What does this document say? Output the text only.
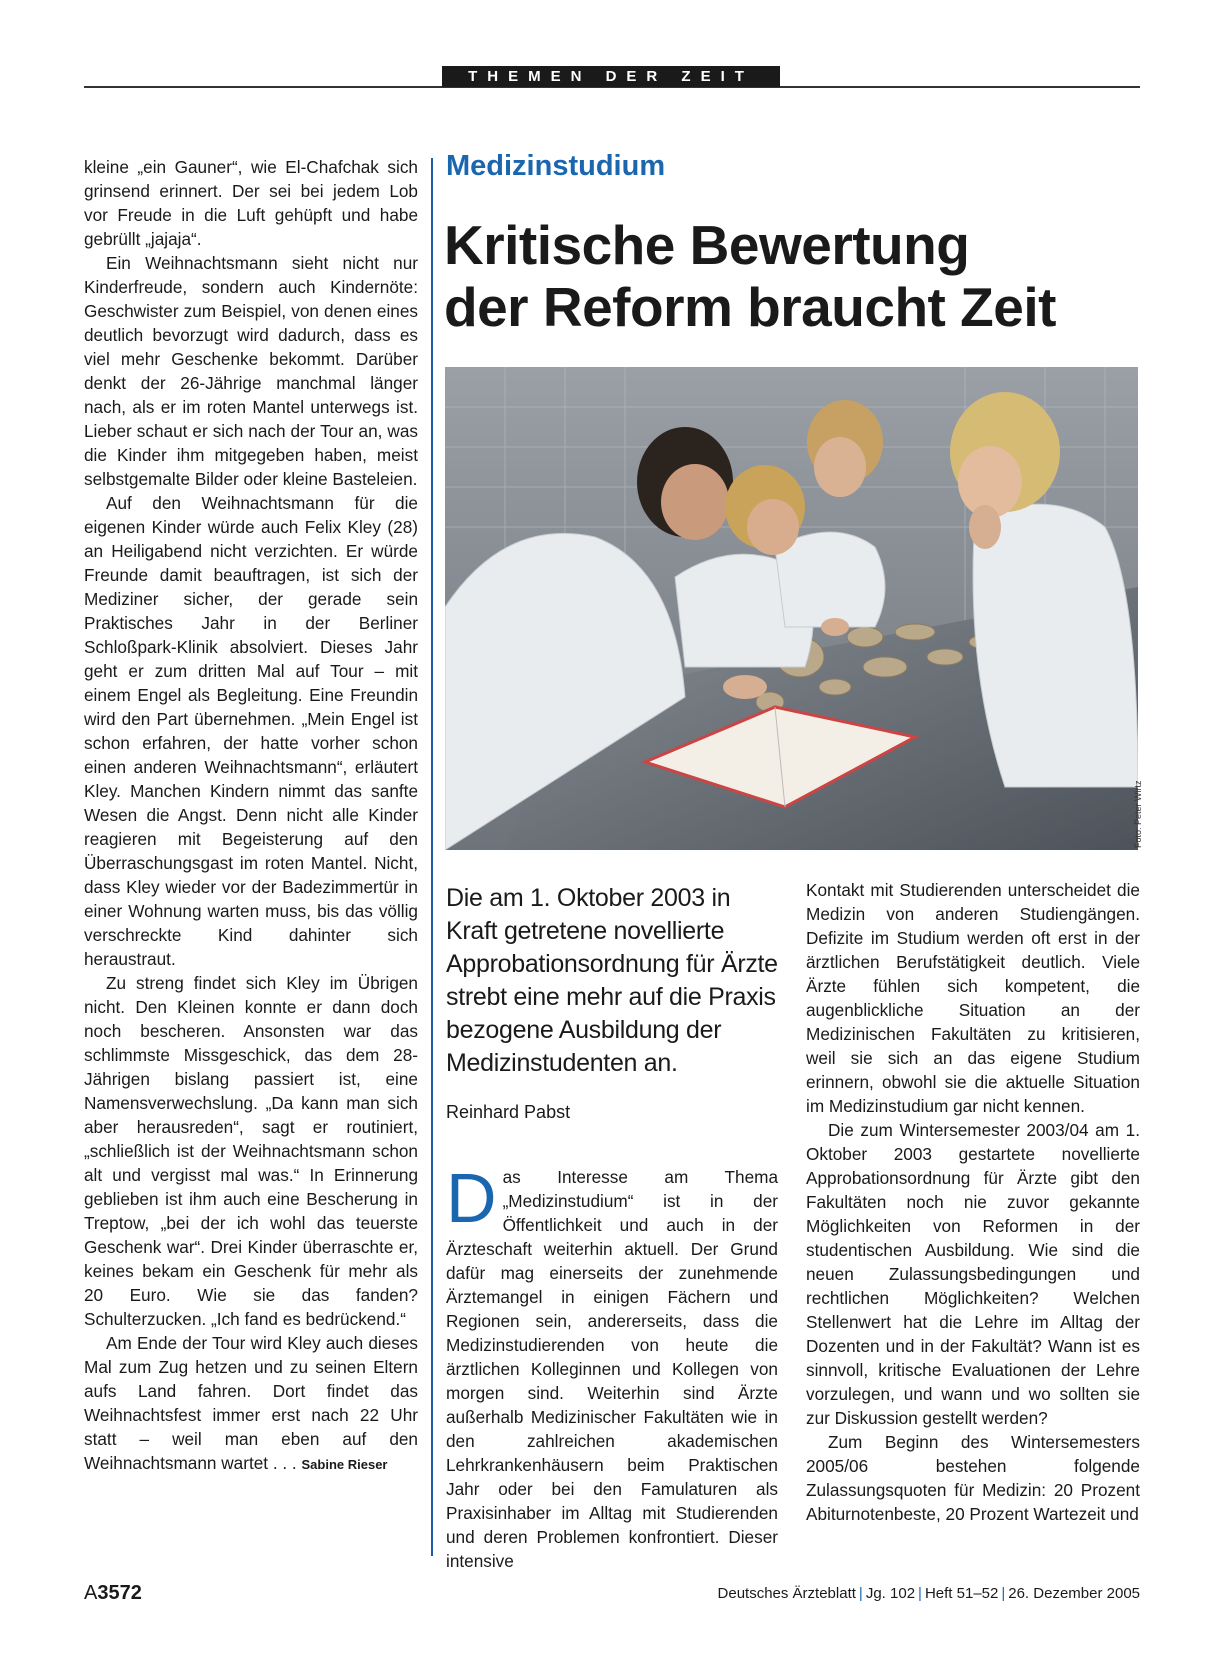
THEMEN DER ZEIT

kleine „ein Gauner“, wie El-Chafchak sich grinsend erinnert. Der sei bei jedem Lob vor Freude in die Luft gehüpft und habe gebrüllt „jajaja“.

Ein Weihnachtsmann sieht nicht nur Kinderfreude, sondern auch Kindernöte: Geschwister zum Beispiel, von denen eines deutlich bevorzugt wird dadurch, dass es viel mehr Geschenke bekommt. Darüber denkt der 26-Jährige manchmal länger nach, als er im roten Mantel unterwegs ist. Lieber schaut er sich nach der Tour an, was die Kinder ihm mitgegeben haben, meist selbstgemalte Bilder oder kleine Basteleien.

Auf den Weihnachtsmann für die eigenen Kinder würde auch Felix Kley (28) an Heiligabend nicht verzichten. Er würde Freunde damit beauftragen, ist sich der Mediziner sicher, der gerade sein Praktisches Jahr in der Berliner Schloßpark-Klinik absolviert. Dieses Jahr geht er zum dritten Mal auf Tour – mit einem Engel als Begleitung. Eine Freundin wird den Part übernehmen. „Mein Engel ist schon erfahren, der hatte vorher schon einen anderen Weihnachtsmann“, erläutert Kley. Manchen Kindern nimmt das sanfte Wesen die Angst. Denn nicht alle Kinder reagieren mit Begeisterung auf den Überraschungsgast im roten Mantel. Nicht, dass Kley wieder vor der Badezimmertür in einer Wohnung warten muss, bis das völlig verschreckte Kind dahinter sich heraustraut.

Zu streng findet sich Kley im Übrigen nicht. Den Kleinen konnte er dann doch noch bescheren. Ansonsten war das schlimmste Missgeschick, das dem 28-Jährigen bislang passiert ist, eine Namensverwechslung. „Da kann man sich aber herausreden“, sagt er routiniert, „schließlich ist der Weihnachtsmann schon alt und vergisst mal was.“ In Erinnerung geblieben ist ihm auch eine Bescherung in Treptow, „bei der ich wohl das teuerste Geschenk war“. Drei Kinder überraschte er, keines bekam ein Geschenk für mehr als 20 Euro. Wie sie das fanden? Schulterzucken. „Ich fand es bedrückend.“

Am Ende der Tour wird Kley auch dieses Mal zum Zug hetzen und zu seinen Eltern aufs Land fahren. Dort findet das Weihnachtsfest immer erst nach 22 Uhr statt – weil man eben auf den Weihnachtsmann wartet . . . Sabine Rieser

Medizinstudium
Kritische Bewertung
der Reform braucht Zeit
Foto: Peter Wirtz

Die am 1. Oktober 2003 in Kraft getretene novellierte Approbationsordnung für Ärzte strebt eine mehr auf die Praxis bezogene Ausbildung der Medizinstudenten an.

Reinhard Pabst

Das Interesse am Thema „Medizinstudium“ ist in der Öffentlichkeit und auch in der Ärzteschaft weiterhin aktuell. Der Grund dafür mag einerseits der zunehmende Ärztemangel in einigen Fächern und Regionen sein, andererseits, dass die Medizinstudierenden von heute die ärztlichen Kolleginnen und Kollegen von morgen sind. Weiterhin sind Ärzte außerhalb Medizinischer Fakultäten wie in den zahlreichen akademischen Lehrkrankenhäusern beim Praktischen Jahr oder bei den Famulaturen als Praxisinhaber im Alltag mit Studierenden und deren Problemen konfrontiert. Dieser intensive

Kontakt mit Studierenden unterscheidet die Medizin von anderen Studiengängen. Defizite im Studium werden oft erst in der ärztlichen Berufstätigkeit deutlich. Viele Ärzte fühlen sich kompetent, die augenblickliche Situation an der Medizinischen Fakultäten zu kritisieren, weil sie sich an das eigene Studium erinnern, obwohl sie die aktuelle Situation im Medizinstudium gar nicht kennen.

Die zum Wintersemester 2003/04 am 1. Oktober 2003 gestartete novellierte Approbationsordnung für Ärzte gibt den Fakultäten noch nie zuvor gekannte Möglichkeiten von Reformen in der studentischen Ausbildung. Wie sind die neuen Zulassungsbedingungen und rechtlichen Möglichkeiten? Welchen Stellenwert hat die Lehre im Alltag der Dozenten und in der Fakultät? Wann ist es sinnvoll, kritische Evaluationen der Lehre vorzulegen, und wann und wo sollten sie zur Diskussion gestellt werden?

Zum Beginn des Wintersemesters 2005/06 bestehen folgende Zulassungsquoten für Medizin: 20 Prozent Abiturnotenbeste, 20 Prozent Wartezeit und

A3572	Deutsches Ärzteblatt | Jg. 102 | Heft 51–52 | 26. Dezember 2005
